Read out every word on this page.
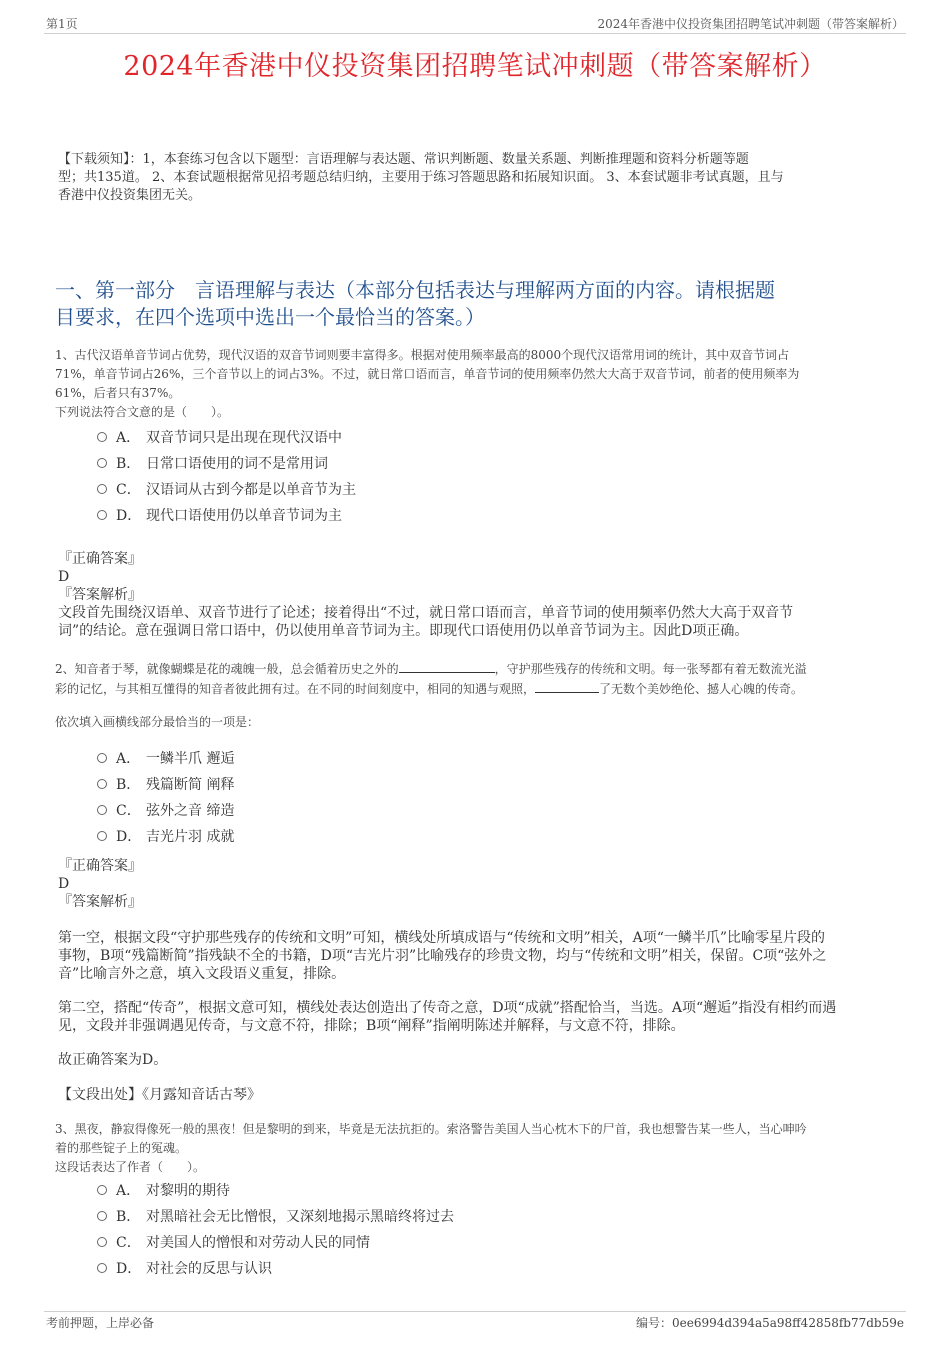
第1页	2024年香港中仪投资集团招聘笔试冲刺题（带答案解析）
2024年香港中仪投资集团招聘笔试冲刺题（带答案解析）
【下载须知】：1，本套练习包含以下题型：言语理解与表达题、常识判断题、数量关系题、判断推理题和资料分析题等题
型；共135道。 2、本套试题根据常见招考题总结归纳，主要用于练习答题思路和拓展知识面。 3、本套试题非考试真题，且与
香港中仪投资集团无关。
一、第一部分　言语理解与表达（本部分包括表达与理解两方面的内容。请根据题
目要求，在四个选项中选出一个最恰当的答案。）
1、古代汉语单音节词占优势，现代汉语的双音节词则要丰富得多。根据对使用频率最高的8000个现代汉语常用词的统计，其中双音节词占
71%，单音节词占26%，三个音节以上的词占3%。不过，就日常口语而言，单音节词的使用频率仍然大大高于双音节词，前者的使用频率为
61%，后者只有37%。
下列说法符合文意的是（　　）。
A． 双音节词只是出现在现代汉语中
B． 日常口语使用的词不是常用词
C． 汉语词从古到今都是以单音节为主
D． 现代口语使用仍以单音节词为主
『正确答案』
D
『答案解析』
文段首先围绕汉语单、双音节进行了论述；接着得出“不过，就日常口语而言，单音节词的使用频率仍然大大高于双音节
词”的结论。意在强调日常口语中，仍以使用单音节词为主。即现代口语使用仍以单音节词为主。因此D项正确。
2、知音者于琴，就像蝴蝶是花的魂魄一般，总会循着历史之外的	，守护那些残存的传统和文明。每一张琴都有着无数流光溢
彩的记忆，与其相互懂得的知音者彼此拥有过。在不同的时间刻度中，相同的知遇与观照，	了无数个美妙绝伦、撼人心魄的传奇。
依次填入画横线部分最恰当的一项是：
A． 一鳞半爪 邂逅
B． 残篇断简 阐释
C． 弦外之音 缔造
D． 吉光片羽 成就
『正确答案』
D
『答案解析』
第一空，根据文段“守护那些残存的传统和文明”可知，横线处所填成语与“传统和文明”相关，A项“一鳞半爪”比喻零星片段的
事物，B项“残篇断简”指残缺不全的书籍，D项“吉光片羽”比喻残存的珍贵文物，均与“传统和文明”相关，保留。C项“弦外之
音”比喻言外之意，填入文段语义重复，排除。
第二空，搭配“传奇”，根据文意可知，横线处表达创造出了传奇之意，D项“成就”搭配恰当，当选。A项“邂逅”指没有相约而遇
见，文段并非强调遇见传奇，与文意不符，排除；B项“阐释”指阐明陈述并解释，与文意不符，排除。
故正确答案为D。
【文段出处】《月露知音话古琴》
3、黑夜，静寂得像死一般的黑夜！但是黎明的到来，毕竟是无法抗拒的。索洛警告美国人当心枕木下的尸首，我也想警告某一些人，当心呻吟
着的那些锭子上的冤魂。
这段话表达了作者（　　）。
A． 对黎明的期待
B． 对黑暗社会无比憎恨，又深刻地揭示黑暗终将过去
C． 对美国人的憎恨和对劳动人民的同情
D． 对社会的反思与认识
考前押题，上岸必备	编号：0ee6994d394a5a98ff42858fb77db59e
